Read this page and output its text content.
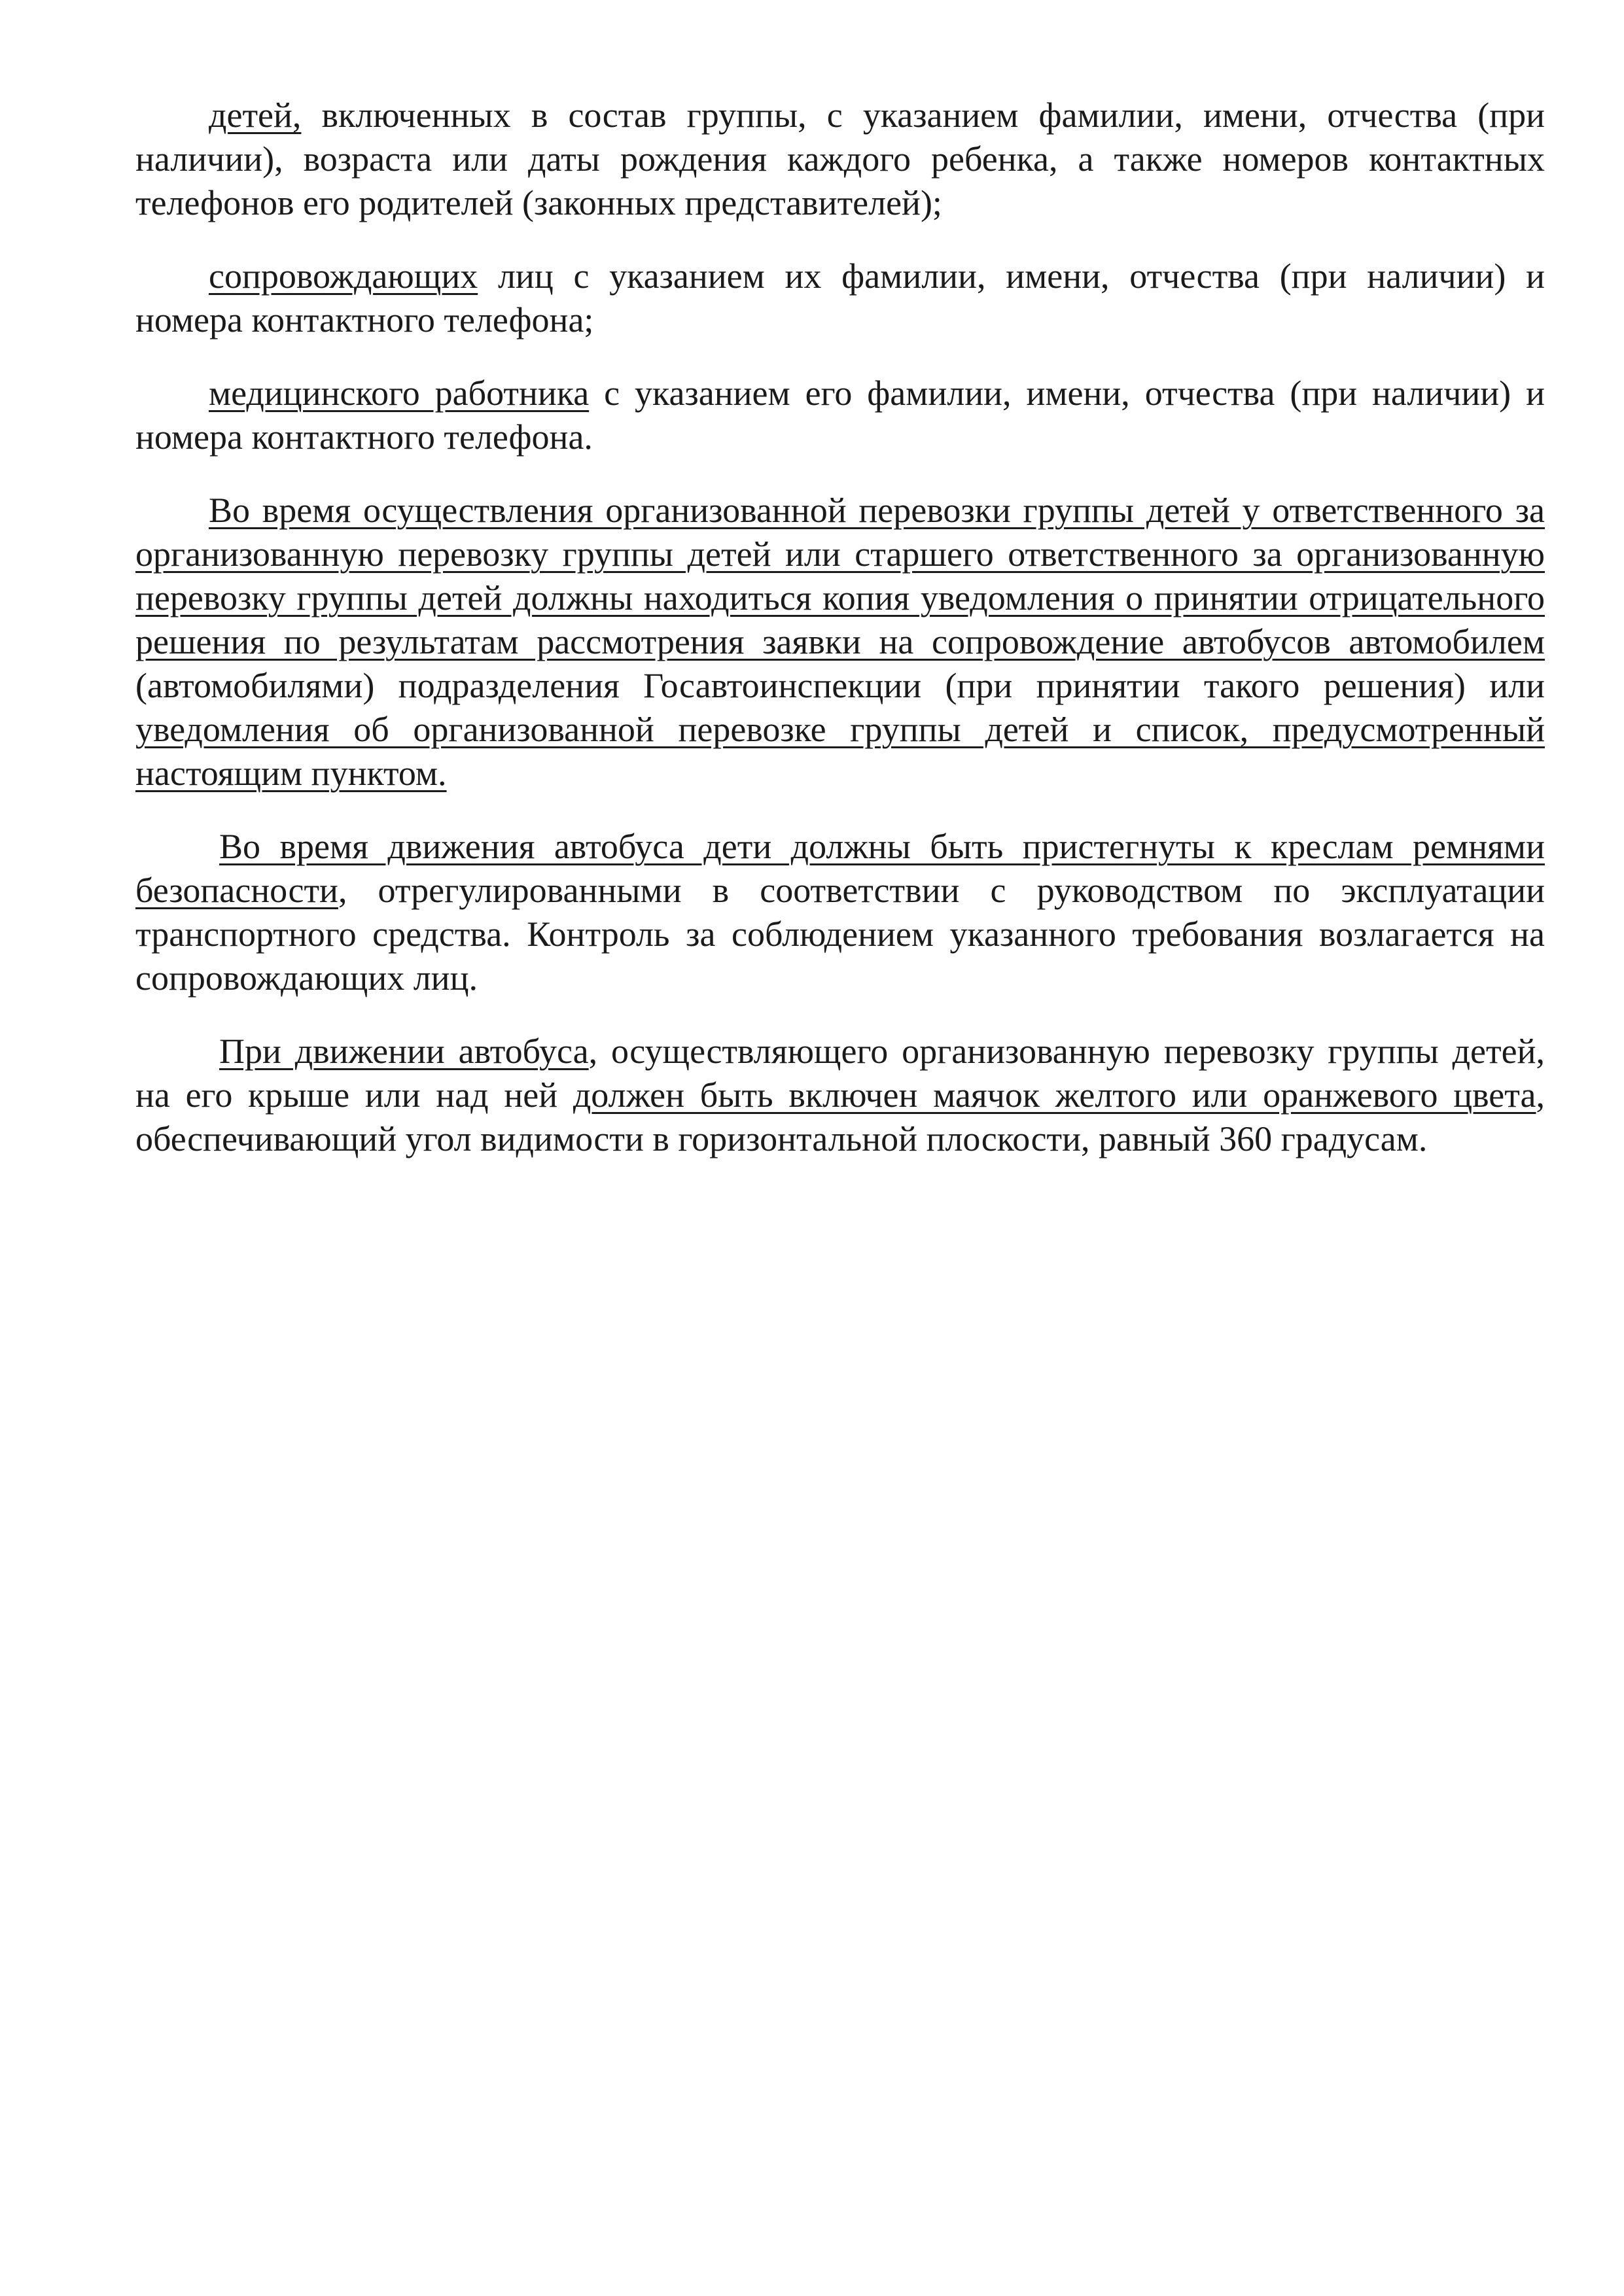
детей, включенных в состав группы, с указанием фамилии, имени, отчества (при наличии), возраста или даты рождения каждого ребенка, а также номеров контактных телефонов его родителей (законных представителей);

сопровождающих лиц с указанием их фамилии, имени, отчества (при наличии) и номера контактного телефона;

медицинского работника с указанием его фамилии, имени, отчества (при наличии) и номера контактного телефона.

Во время осуществления организованной перевозки группы детей у ответственного за организованную перевозку группы детей или старшего ответственного за организованную перевозку группы детей должны находиться копия уведомления о принятии отрицательного решения по результатам рассмотрения заявки на сопровождение автобусов автомобилем (автомобилями) подразделения Госавтоинспекции (при принятии такого решения) или уведомления об организованной перевозке группы детей и список, предусмотренный настоящим пунктом.

Во время движения автобуса дети должны быть пристегнуты к креслам ремнями безопасности, отрегулированными в соответствии с руководством по эксплуатации транспортного средства. Контроль за соблюдением указанного требования возлагается на сопровождающих лиц.

При движении автобуса, осуществляющего организованную перевозку группы детей, на его крыше или над ней должен быть включен маячок желтого или оранжевого цвета, обеспечивающий угол видимости в горизонтальной плоскости, равный 360 градусам.
